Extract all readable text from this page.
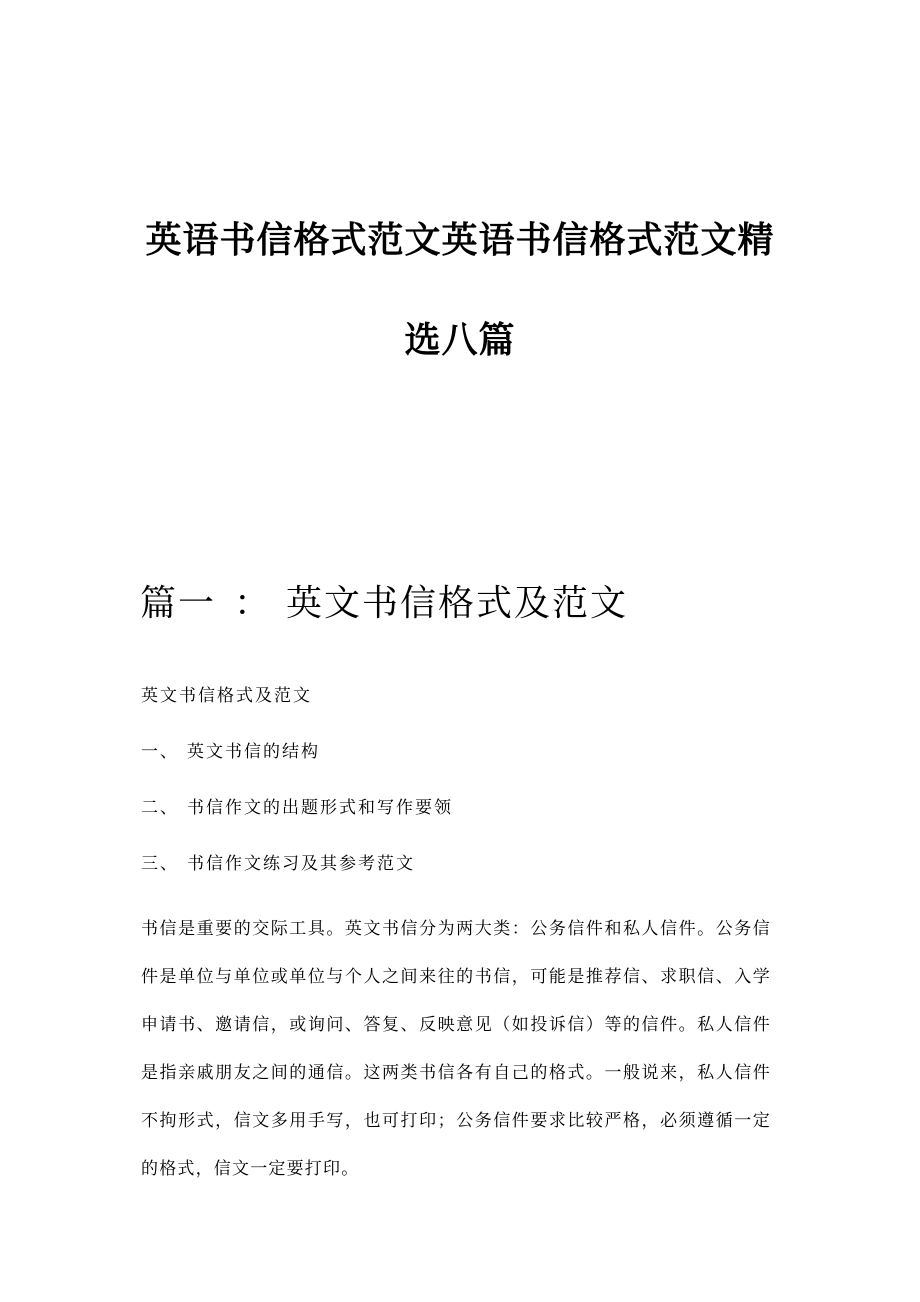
英语书信格式范文英语书信格式范文精
选八篇
篇一 ： 英文书信格式及范文

英文书信格式及范文

一、 英文书信的结构

二、 书信作文的出题形式和写作要领

三、 书信作文练习及其参考范文

书信是重要的交际工具。英文书信分为两大类：公务信件和私人信件。公务信件是单位与单位或单位与个人之间来往的书信，可能是推荐信、求职信、入学申请书、邀请信，或询问、答复、反映意见（如投诉信）等的信件。私人信件是指亲戚朋友之间的通信。这两类书信各有自己的格式。一般说来，私人信件不拘形式，信文多用手写，也可打印；公务信件要求比较严格，必须遵循一定的格式，信文一定要打印。
